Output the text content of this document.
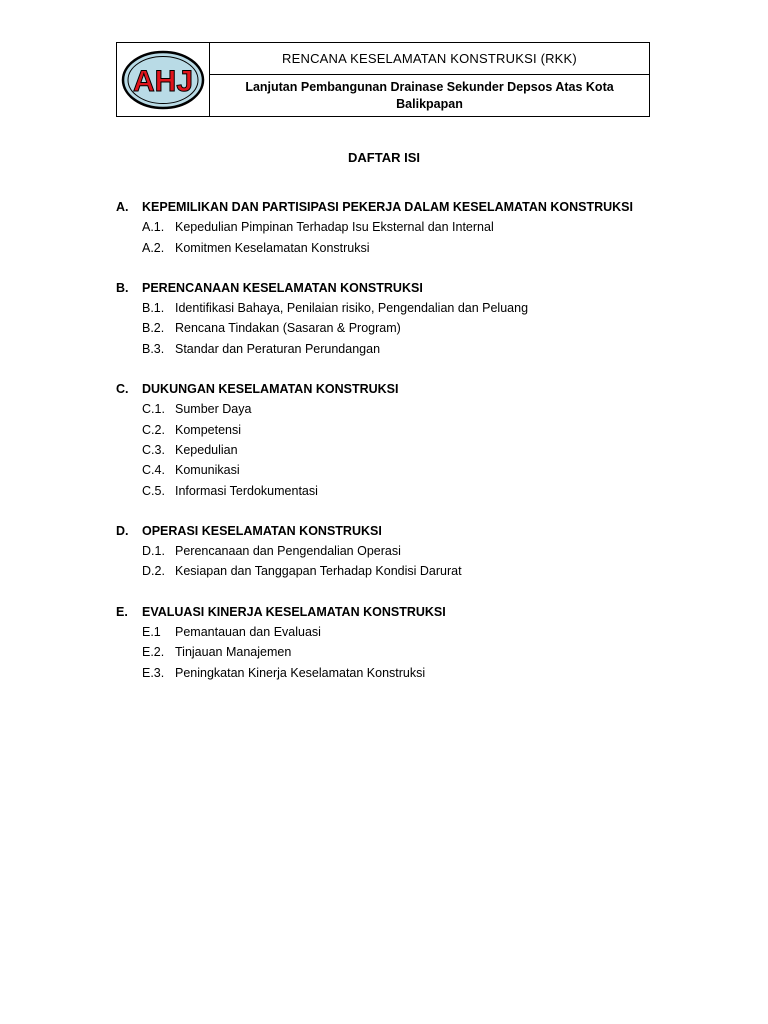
AHJ
RENCANA KESELAMATAN KONSTRUKSI (RKK)
Lanjutan Pembangunan Drainase Sekunder Depsos Atas Kota Balikpapan
DAFTAR ISI
A.	KEPEMILIKAN DAN PARTISIPASI PEKERJA DALAM KESELAMATAN KONSTRUKSI
A.1. Kepedulian Pimpinan Terhadap Isu Eksternal dan Internal
A.2. Komitmen Keselamatan Konstruksi
B.	PERENCANAAN KESELAMATAN KONSTRUKSI
B.1. Identifikasi Bahaya, Penilaian risiko, Pengendalian dan Peluang
B.2. Rencana Tindakan (Sasaran & Program)
B.3. Standar dan Peraturan Perundangan
C.	DUKUNGAN KESELAMATAN KONSTRUKSI
C.1. Sumber Daya
C.2. Kompetensi
C.3. Kepedulian
C.4. Komunikasi
C.5. Informasi Terdokumentasi
D.	OPERASI KESELAMATAN KONSTRUKSI
D.1. Perencanaan dan Pengendalian Operasi
D.2. Kesiapan dan Tanggapan Terhadap Kondisi Darurat
E.	EVALUASI KINERJA KESELAMATAN KONSTRUKSI
E.1	Pemantauan dan Evaluasi
E.2. Tinjauan Manajemen
E.3. Peningkatan Kinerja Keselamatan Konstruksi
